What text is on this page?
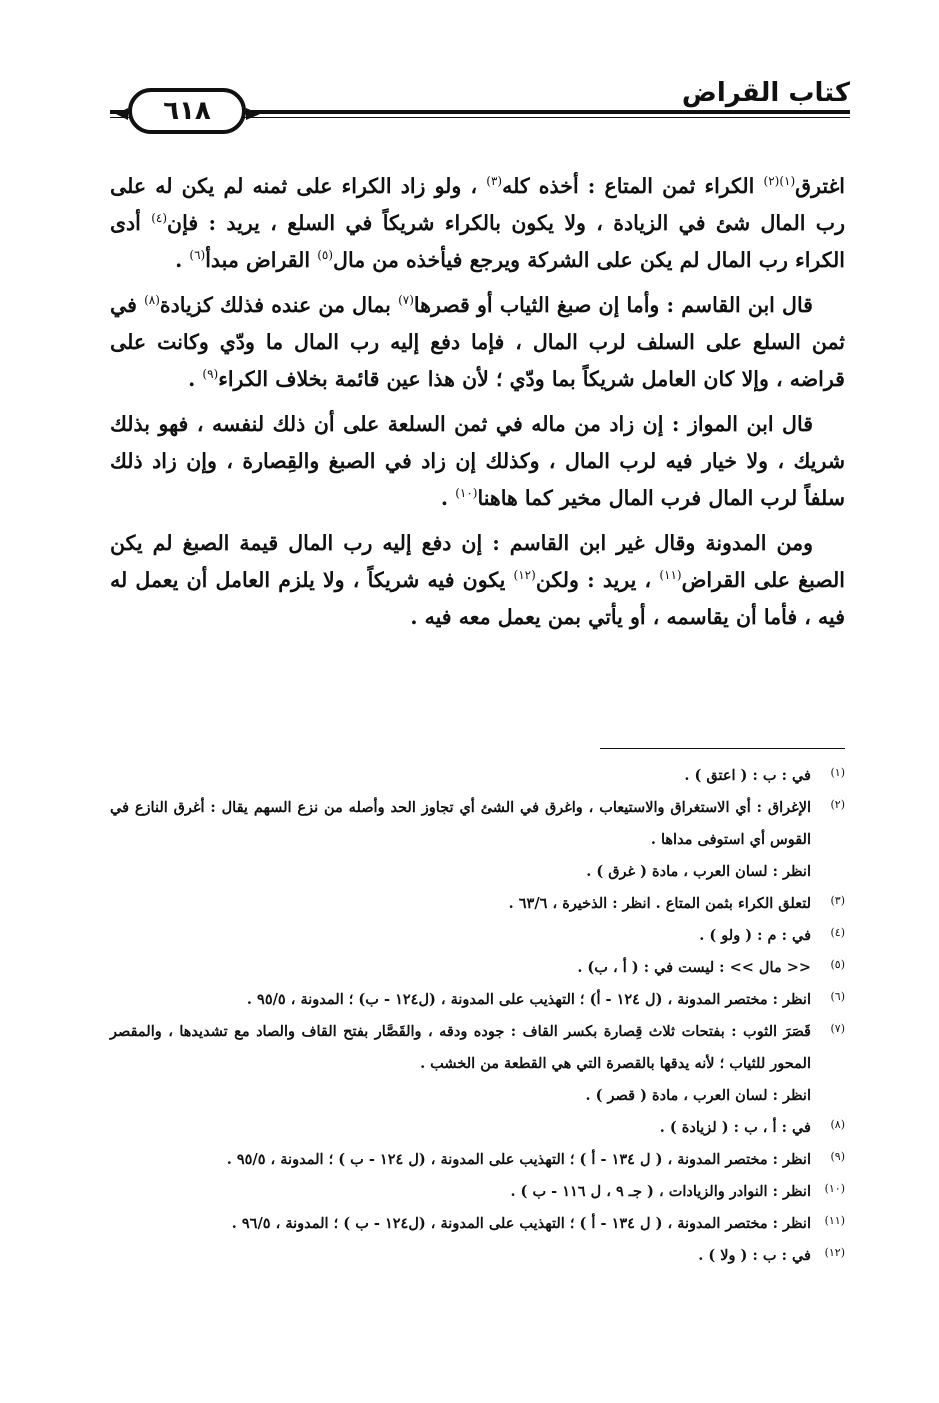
٦١٨
كتاب القراض

اغترق$^{(١)(٢)}$ الكراء ثمن المتاع : أخذه كله$^{(٣)}$ ، ولو زاد الكراء على ثمنه لم يكن له على رب المال شئ في الزيادة ، ولا يكون بالكراء شريكاً في السلع ، يريد : فإن$^{(٤)}$ أدى الكراء رب المال لم يكن على الشركة ويرجع فيأخذه من مال$^{(٥)}$ القراض مبدأ$^{(٦)}$ .

قال ابن القاسم : وأما إن صبغ الثياب أو قصرها$^{(٧)}$ بمال من عنده فذلك كزيادة$^{(٨)}$ في ثمن السلع على السلف لرب المال ، فإما دفع إليه رب المال ما ودّي وكانت على قراضه ، وإلا كان العامل شريكاً بما ودّي ؛ لأن هذا عين قائمة بخلاف الكراء$^{(٩)}$ .

قال ابن المواز : إن زاد من ماله في ثمن السلعة على أن ذلك لنفسه ، فهو بذلك شريك ، ولا خيار فيه لرب المال ، وكذلك إن زاد في الصبغ والقِصارة ، وإن زاد ذلك سلفاً لرب المال فرب المال مخير كما هاهنا$^{(١٠)}$ .

ومن المدونة وقال غير ابن القاسم : إن دفع إليه رب المال قيمة الصبغ لم يكن الصبغ على القراض$^{(١١)}$ ، يريد : ولكن$^{(١٢)}$ يكون فيه شريكاً ، ولا يلزم العامل أن يعمل له فيه ، فأما أن يقاسمه ، أو يأتي بمن يعمل معه فيه .

(١)
في : ب : ( اعتق ) .
(٢)
الإغراق : أي الاستغراق والاستيعاب ، واغرق في الشئ أي تجاوز الحد وأصله من نزع السهم يقال : أغرق النازع في القوس أي استوفى مداها .
انظر : لسان العرب ، مادة ( غرق ) .
(٣)
لتعلق الكراء بثمن المتاع . انظر : الذخيرة ، ٦٣/٦ .
(٤)
في : م : ( ولو ) .
(٥)
<< مال >> : ليست في : ( أ ، ب) .
(٦)
انظر : مختصر المدونة ، (ل ١٢٤ - أ) ؛ التهذيب على المدونة ، (ل١٢٤ - ب) ؛ المدونة ، ٩٥/٥ .
(٧)
قَصَرَ الثوب : بفتحات ثلاث قِصارة بكسر القاف : جوده ودقه ، والقَصَّار بفتح القاف والصاد مع تشديدها ، والمقصر المحور للثياب ؛ لأنه يدقها بالقصرة التي هي القطعة من الخشب .
انظر : لسان العرب ، مادة ( قصر ) .
(٨)
في : أ ، ب : ( لزيادة ) .
(٩)
انظر : مختصر المدونة ، ( ل ١٣٤ - أ ) ؛ التهذيب على المدونة ، (ل ١٢٤ - ب ) ؛ المدونة ، ٩٥/٥ .
(١٠)
انظر : النوادر والزيادات ، ( جـ ٩ ، ل ١١٦ - ب ) .
(١١)
انظر : مختصر المدونة ، ( ل ١٣٤ - أ ) ؛ التهذيب على المدونة ، (ل١٢٤ - ب ) ؛ المدونة ، ٩٦/٥ .
(١٢)
في : ب : ( ولا ) .
